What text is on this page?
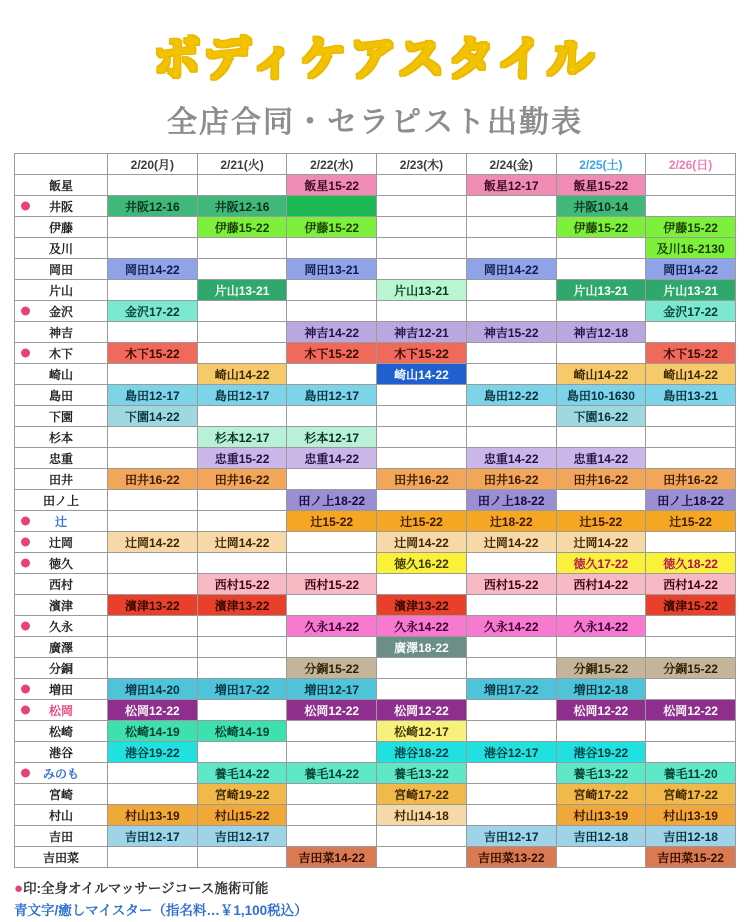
ボディケアスタイル
全店合同・セラピスト出勤表
	2/20(月)	2/21(火)	2/22(水)	2/23(木)	2/24(金)	2/25(土)	2/26(日)
飯星			飯星15-22		飯星12-17	飯星15-22	

井阪	井阪12-16	井阪12-16				井阪10-14	
伊藤		伊藤15-22	伊藤15-22			伊藤15-22	伊藤15-22
及川							及川16-2130
岡田	岡田14-22		岡田13-21		岡田14-22		岡田14-22
片山		片山13-21		片山13-21		片山13-21	片山13-21

金沢	金沢17-22						金沢17-22
神吉			神吉14-22	神吉12-21	神吉15-22	神吉12-18	

木下	木下15-22		木下15-22	木下15-22			木下15-22
崎山		崎山14-22		崎山14-22		崎山14-22	崎山14-22
島田	島田12-17	島田12-17	島田12-17		島田12-22	島田10-1630	島田13-21
下園	下園14-22					下園16-22	
杉本		杉本12-17	杉本12-17				
忠重		忠重15-22	忠重14-22		忠重14-22	忠重14-22	
田井	田井16-22	田井16-22		田井16-22	田井16-22	田井16-22	田井16-22
田ノ上			田ノ上18-22		田ノ上18-22		田ノ上18-22

辻			辻15-22	辻15-22	辻18-22	辻15-22	辻15-22

辻岡	辻岡14-22	辻岡14-22		辻岡14-22	辻岡14-22	辻岡14-22	

徳久				徳久16-22		徳久17-22	徳久18-22
西村		西村15-22	西村15-22		西村15-22	西村14-22	西村14-22
濱津	濱津13-22	濱津13-22		濱津13-22			濱津15-22

久永			久永14-22	久永14-22	久永14-22	久永14-22	
廣澤				廣澤18-22			
分銅			分銅15-22			分銅15-22	分銅15-22

増田	増田14-20	増田17-22	増田12-17		増田17-22	増田12-18	

松岡	松岡12-22		松岡12-22	松岡12-22		松岡12-22	松岡12-22
松崎	松崎14-19	松崎14-19		松崎12-17			
港谷	港谷19-22			港谷18-22	港谷12-17	港谷19-22	

みのも		養毛14-22	養毛14-22	養毛13-22		養毛13-22	養毛11-20
宮崎		宮崎19-22		宮崎17-22		宮崎17-22	宮崎17-22
村山	村山13-19	村山15-22		村山14-18		村山13-19	村山13-19
吉田	吉田12-17	吉田12-17			吉田12-17	吉田12-18	吉田12-18
吉田菜			吉田菜14-22		吉田菜13-22		吉田菜15-22
●印:全身オイルマッサージコース施術可能
青文字/癒しマイスター（指名料…￥1,100税込）
